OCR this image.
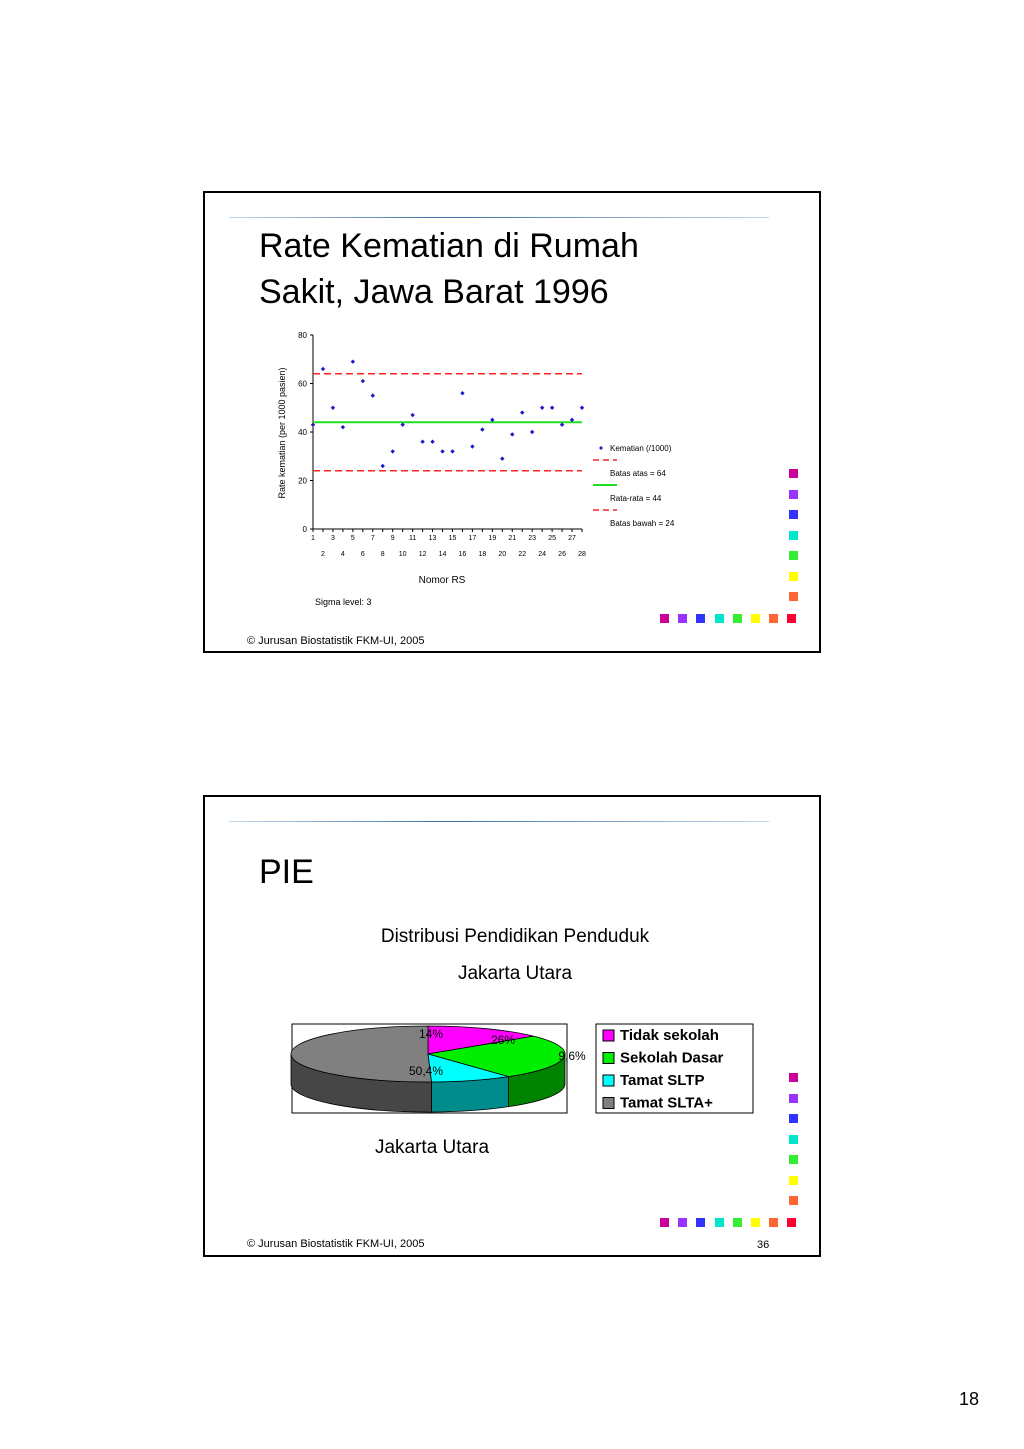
Rate Kematian di Rumah
Sakit, Jawa Barat 1996
Rate kematian (per 1000 pasien)
Nomor RS
Sigma level: 3
0
20
40
60
80
1 3 5 7 9 11 13 15 17 19 21 23 25 27
2 4 6 8 10 12 14 16 18 20 22 24 26 28
Kematian (/1000)
Batas atas = 64
Rata-rata = 44
Batas bawah = 24
© Jurusan Biostatistik FKM-UI, 2005
PIE
Distribusi Pendidikan Penduduk
Jakarta Utara
14%	26%
9,6%
50,4%
Tidak sekolah
Sekolah Dasar
Tamat SLTP
Tamat SLTA+
Jakarta Utara
© Jurusan Biostatistik FKM-UI, 2005	36
18
